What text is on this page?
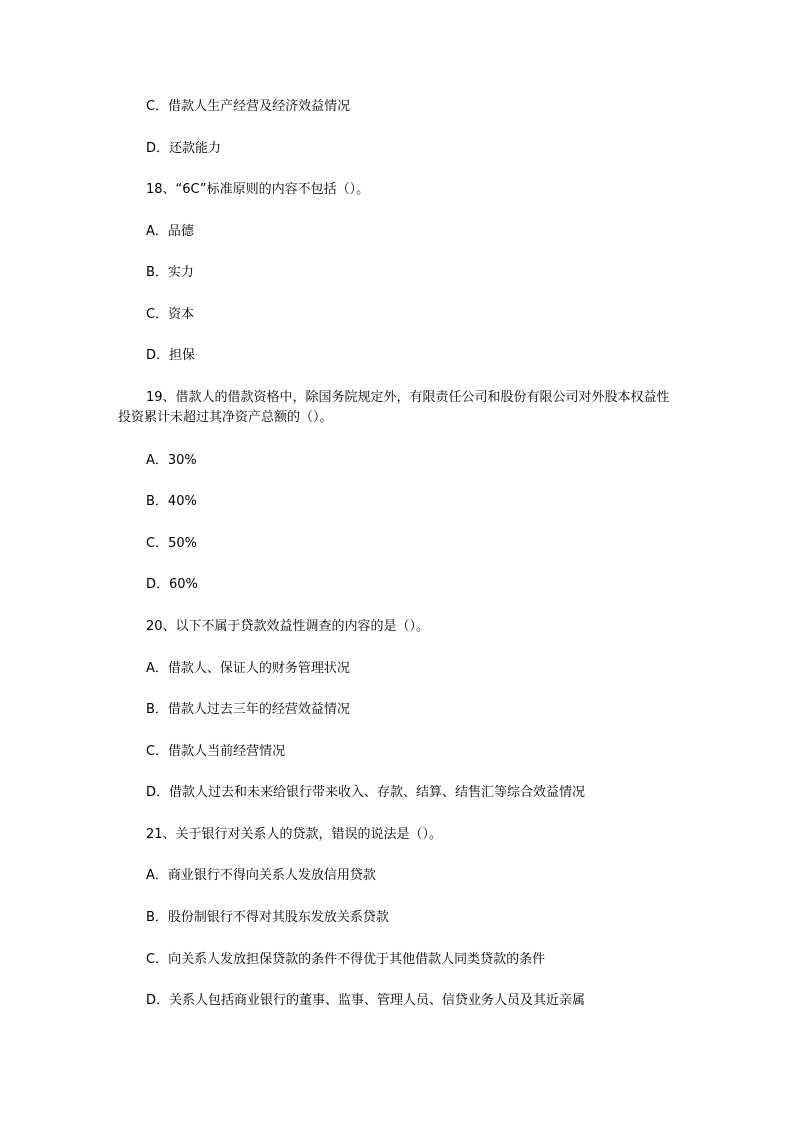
C．借款人生产经营及经济效益情况
D．还款能力
18、“6C”标准原则的内容不包括（）。
A．品德
B．实力
C．资本
D．担保
19、借款人的借款资格中，除国务院规定外，有限责任公司和股份有限公司对外股本权益性投资累计未超过其净资产总额的（）。
A．30%
B．40%
C．50%
D．60%
20、以下不属于贷款效益性调查的内容的是（）。
A．借款人、保证人的财务管理状况
B．借款人过去三年的经营效益情况
C．借款人当前经营情况
D．借款人过去和未来给银行带来收入、存款、结算、结售汇等综合效益情况
21、关于银行对关系人的贷款，错误的说法是（）。
A．商业银行不得向关系人发放信用贷款
B．股份制银行不得对其股东发放关系贷款
C．向关系人发放担保贷款的条件不得优于其他借款人同类贷款的条件
D．关系人包括商业银行的董事、监事、管理人员、信贷业务人员及其近亲属
